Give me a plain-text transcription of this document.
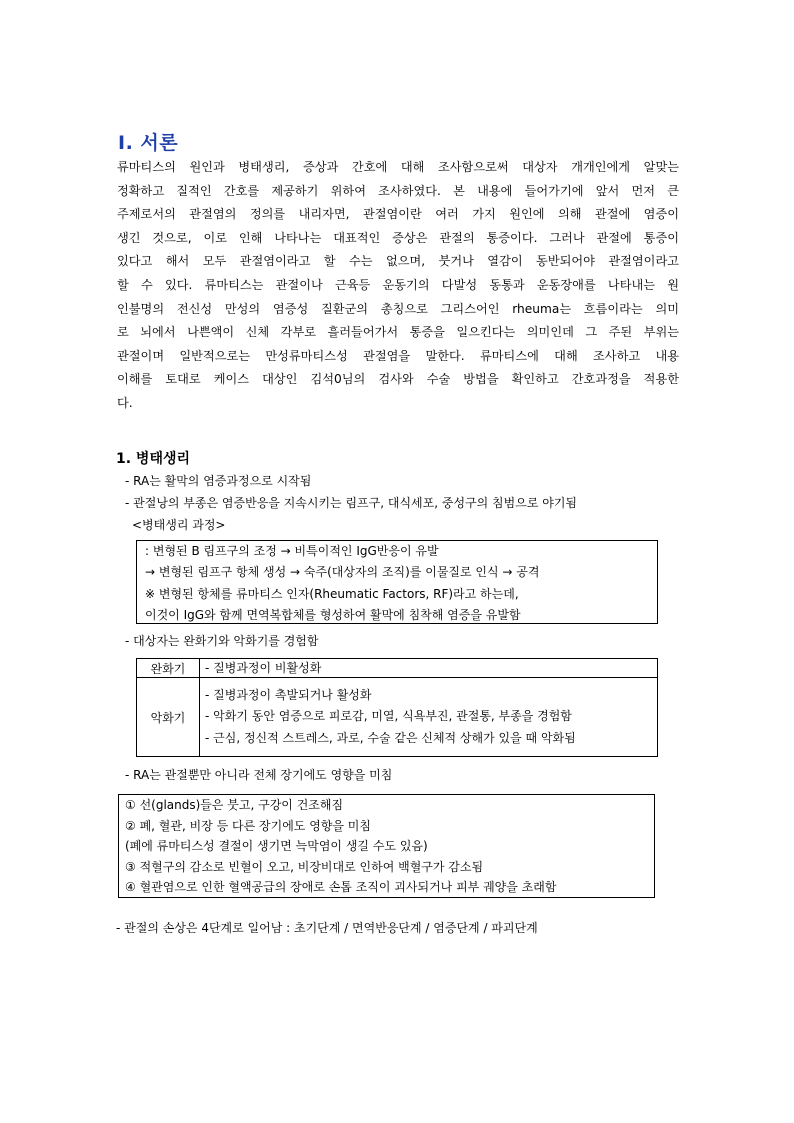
Ⅰ. 서론
류마티스의 원인과 병태생리, 증상과 간호에 대해 조사함으로써 대상자 개개인에게 알맞는
정확하고 질적인 간호를 제공하기 위하여 조사하였다. 본 내용에 들어가기에 앞서 먼저 큰
주제로서의 관절염의 정의를 내리자면, 관절염이란 여러 가지 원인에 의해 관절에 염증이
생긴 것으로, 이로 인해 나타나는 대표적인 증상은 관절의 통증이다. 그러나 관절에 통증이
있다고 해서 모두 관절염이라고 할 수는 없으며, 붓거나 열감이 동반되어야 관절염이라고
할 수 있다. 류마티스는 관절이나 근육등 운동기의 다발성 동통과 운동장애를 나타내는 원
인불명의 전신성 만성의 염증성 질환군의 총칭으로 그리스어인 rheuma는 흐름이라는 의미
로 뇌에서 나쁜액이 신체 각부로 흘러들어가서 통증을 일으킨다는 의미인데 그 주된 부위는
관절이며 일반적으로는 만성류마티스성 관절염을 말한다. 류마티스에 대해 조사하고 내용
이해를 토대로 케이스 대상인 김석0님의 검사와 수술 방법을 확인하고 간호과정을 적용한
다.
1. 병태생리
- RA는 활막의 염증과정으로 시작됨
- 관절낭의 부종은 염증반응을 지속시키는 림프구, 대식세포, 중성구의 침범으로 야기됨
<병태생리 과정>
: 변형된 B 림프구의 조정 → 비특이적인 IgG반응이 유발
→ 변형된 림프구 항체 생성 → 숙주(대상자의 조직)를 이물질로 인식 → 공격
※ 변형된 항체를 류마티스 인자(Rheumatic Factors, RF)라고 하는데,
이것이 IgG와 함께 면역복합체를 형성하여 활막에 침착해 염증을 유발함
- 대상자는 완화기와 악화기를 경험함
완화기	- 질병과정이 비활성화

악화기	- 질병과정이 촉발되거나 활성화
- 악화기 동안 염증으로 피로감, 미열, 식욕부진, 관절통, 부종을 경험함
- 근심, 정신적 스트레스, 과로, 수술 같은 신체적 상해가 있을 때 악화됨
- RA는 관절뿐만 아니라 전체 장기에도 영향을 미침
① 선(glands)들은 붓고, 구강이 건조해짐
② 폐, 혈관, 비장 등 다른 장기에도 영향을 미침
(폐에 류마티스성 결절이 생기면 늑막염이 생길 수도 있음)
③ 적혈구의 감소로 빈혈이 오고, 비장비대로 인하여 백혈구가 감소됨
④ 혈관염으로 인한 혈액공급의 장애로 손톱 조직이 괴사되거나 피부 궤양을 초래함
- 관절의 손상은 4단계로 일어남 : 초기단계 / 면역반응단계 / 염증단계 / 파괴단계
